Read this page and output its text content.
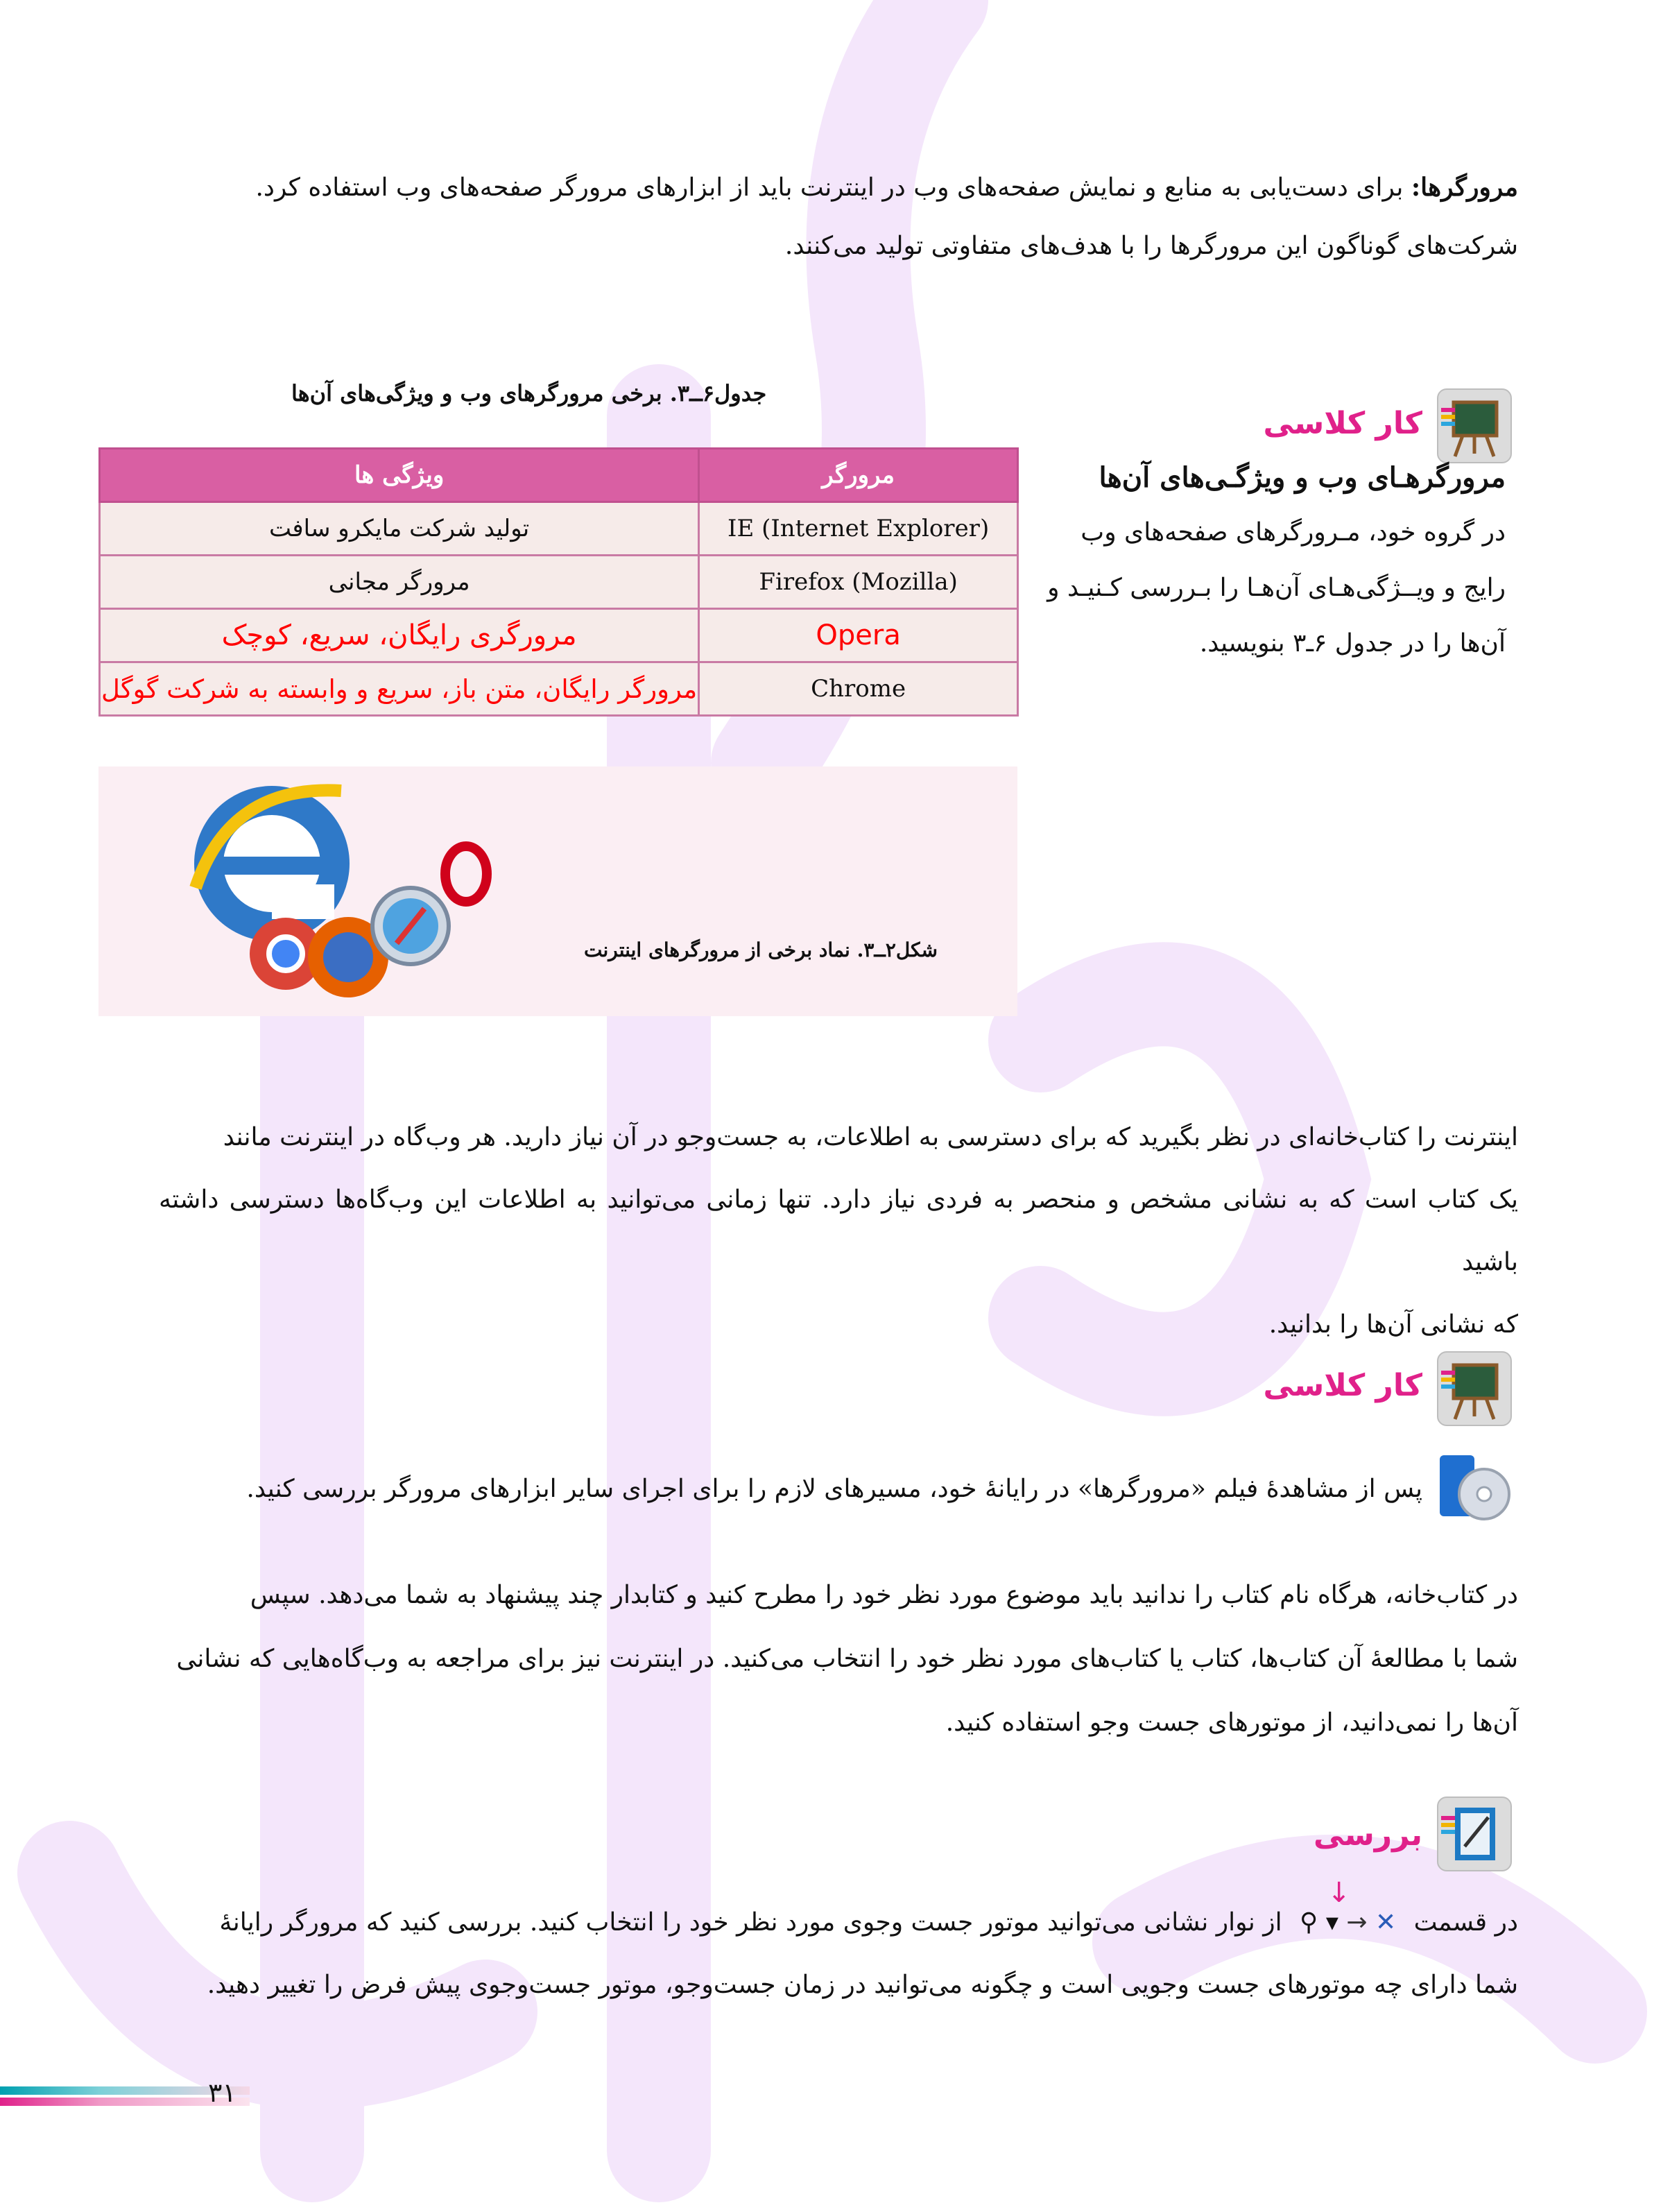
مرورگرها: برای دست‌یابی به منابع و نمایش صفحه‌های وب در اینترنت باید از ابزارهای مرورگر صفحه‌های وب استفاده کرد.
شرکت‌های گوناگون این مرورگرها را با هدف‌های متفاوتی تولید می‌کنند.
جدول۶ــ۳. برخی مرورگرهای وب و ویژگی‌های آن‌ها
مرورگر	ویژگی ها
IE (Internet Explorer)	تولید شرکت مایکرو سافت
Firefox (Mozilla)	مرورگر مجانی
Opera	مرورگری رایگان، سریع، کوچک
Chrome	مرورگر رایگان، متن باز، سریع و وابسته به شرکت گوگل
کار کلاسی
مرورگرهـای وب و ویژگـی‌های آن‌ها
در گروه خود، مـرورگرهای صفحه‌های وب
رایج و ویــژگی‌هـای آن‌هـا را بـررسی کـنیـد و
آن‌ها را در جدول ۶ـ۳ بنویسید.
شکل۲ــ۳. نماد برخی از مرورگرهای اینترنت
اینترنت را کتاب‌خانه‌ای در نظر بگیرید که برای دسترسی به اطلاعات، به جست‌وجو در آن نیاز دارید. هر وب‌گاه در اینترنت مانند
یک کتاب است که به نشانی مشخص و منحصر به فردی نیاز دارد. تنها زمانی می‌توانید به اطلاعات این وب‌گاه‌ها دسترسی داشته باشید
که نشانی آن‌ها را بدانید.
کار کلاسی
پس از مشاهدهٔ فیلم «مرورگرها» در رایانهٔ خود، مسیرهای لازم را برای اجرای سایر ابزارهای مرورگر بررسی کنید.
در کتاب‌خانه، هرگاه نام کتاب را ندانید باید موضوع مورد نظر خود را مطرح کنید و کتابدار چند پیشنهاد به شما می‌دهد. سپس
شما با مطالعهٔ آن کتاب‌ها، کتاب یا کتاب‌های مورد نظر خود را انتخاب می‌کنید. در اینترنت نیز برای مراجعه به وب‌گاه‌هایی که نشانی
آن‌ها را نمی‌دانید، از موتورهای جست وجو استفاده کنید.
بررسی
در قسمت ⚲ ▾
↓
→ ✕ از نوار نشانی می‌توانید موتور جست وجوی مورد نظر خود را انتخاب کنید. بررسی کنید که مرورگر رایانهٔ
شما دارای چه موتورهای جست وجویی است و چگونه می‌توانید در زمان جست‌وجو، موتور جست‌وجوی پیش فرض را تغییر دهید.
۳۱
